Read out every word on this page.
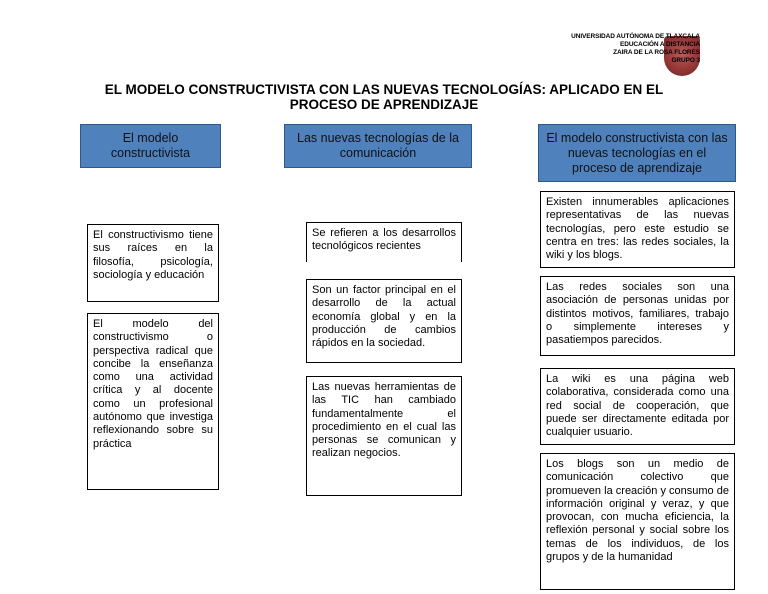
UNIVERSIDAD AUTÓNOMA DE TLAXCALA
EDUCACIÓN A DISTANCIA
ZAIRA DE LA ROSA FLORES
GRUPO 3
EL MODELO CONSTRUCTIVISTA CON LAS NUEVAS TECNOLOGÍAS: APLICADO EN EL PROCESO DE APRENDIZAJE
El modelo constructivista
El constructivismo tiene sus raíces en la filosofía, psicología, sociología y educación
El modelo del constructivismo o perspectiva radical que concibe la enseñanza como una actividad crítica y al docente como un profesional autónomo que investiga reflexionando sobre su práctica
Las nuevas tecnologías de la comunicación
Se refieren a los desarrollos tecnológicos recientes
Son un factor principal en el desarrollo de la actual economía global y en la producción de cambios rápidos en la sociedad.
Las nuevas herramientas de las TIC han cambiado fundamentalmente el procedimiento en el cual las personas se comunican y realizan negocios.
El modelo constructivista con las nuevas tecnologías en el proceso de aprendizaje
Existen innumerables aplicaciones representativas de las nuevas tecnologías, pero este estudio se centra en tres: las redes sociales, la wiki y los blogs.
Las redes sociales son una asociación de personas unidas por distintos motivos, familiares, trabajo o simplemente intereses y pasatiempos parecidos.
La wiki es una página web colaborativa, considerada como una red social de cooperación, que puede ser directamente editada por cualquier usuario.
Los blogs son un medio de comunicación colectivo que promueven la creación y consumo de información original y veraz, y que provocan, con mucha eficiencia, la reflexión personal y social sobre los temas de los individuos, de los grupos y de la humanidad
